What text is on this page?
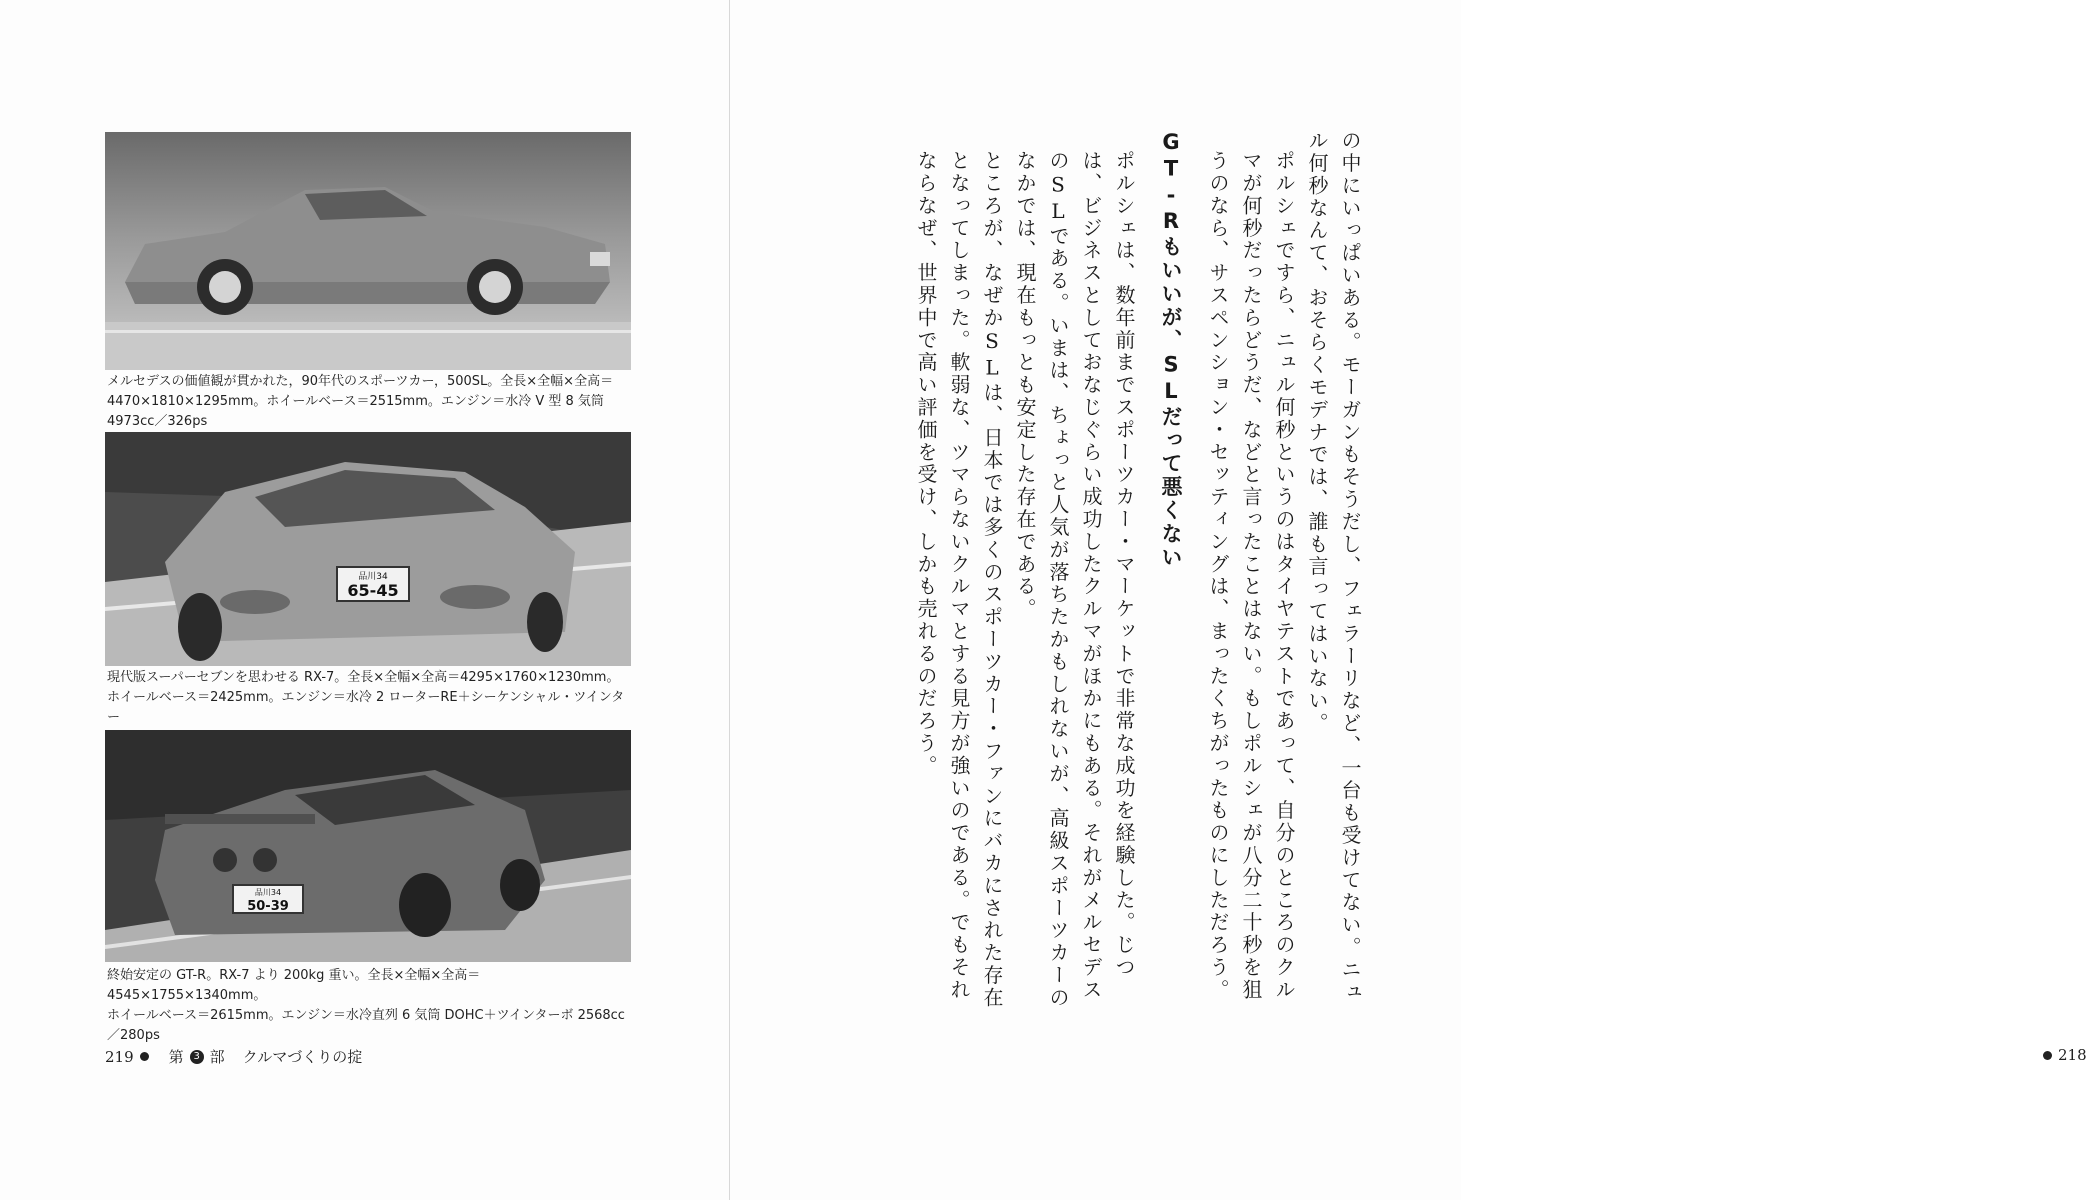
メルセデスの価値観が貫かれた，90年代のスポーツカー，500SL。全長×全幅×全高＝
4470×1810×1295mm。ホイールベース＝2515mm。エンジン＝水冷 V 型 8 気筒
4973cc／326ps
品川34
65-45
現代版スーパーセブンを思わせる RX-7。全長×全幅×全高＝4295×1760×1230mm。
ホイールベース＝2425mm。エンジン＝水冷 2 ローターRE＋シーケンシャル・ツインター

品川34
50-39
終始安定の GT-R。RX-7 より 200kg 重い。全長×全幅×全高＝4545×1755×1340mm。
ホイールベース＝2615mm。エンジン＝水冷直列 6 気筒 DOHC＋ツインターボ 2568cc
／280ps
219 第 3 部 クルマづくりの掟

の中にいっぱいある。モーガンもそうだし、フェラーリなど、一台も受けてない。ニュル何秒なんて、おそらくモデナでは、誰も言ってはいない。

ポルシェですら、ニュル何秒というのはタイヤテストであって、自分のところのクルマが何秒だったらどうだ、などと言ったことはない。もしポルシェが八分二十秒を狙うのなら、サスペンション・セッティングは、まったくちがったものにしただろう。

GT-Rもいいが、SLだって悪くない

ポルシェは、数年前までスポーツカー・マーケットで非常な成功を経験した。じつは、ビジネスとしておなじぐらい成功したクルマがほかにもある。それがメルセデスのSLである。いまは、ちょっと人気が落ちたかもしれないが、高級スポーツカーのなかでは、現在もっとも安定した存在である。

ところが、なぜかSLは、日本では多くのスポーツカー・ファンにバカにされた存在となってしまった。軟弱な、ツマらないクルマとする見方が強いのである。でもそれならなぜ、世界中で高い評価を受け、しかも売れるのだろう。

218
